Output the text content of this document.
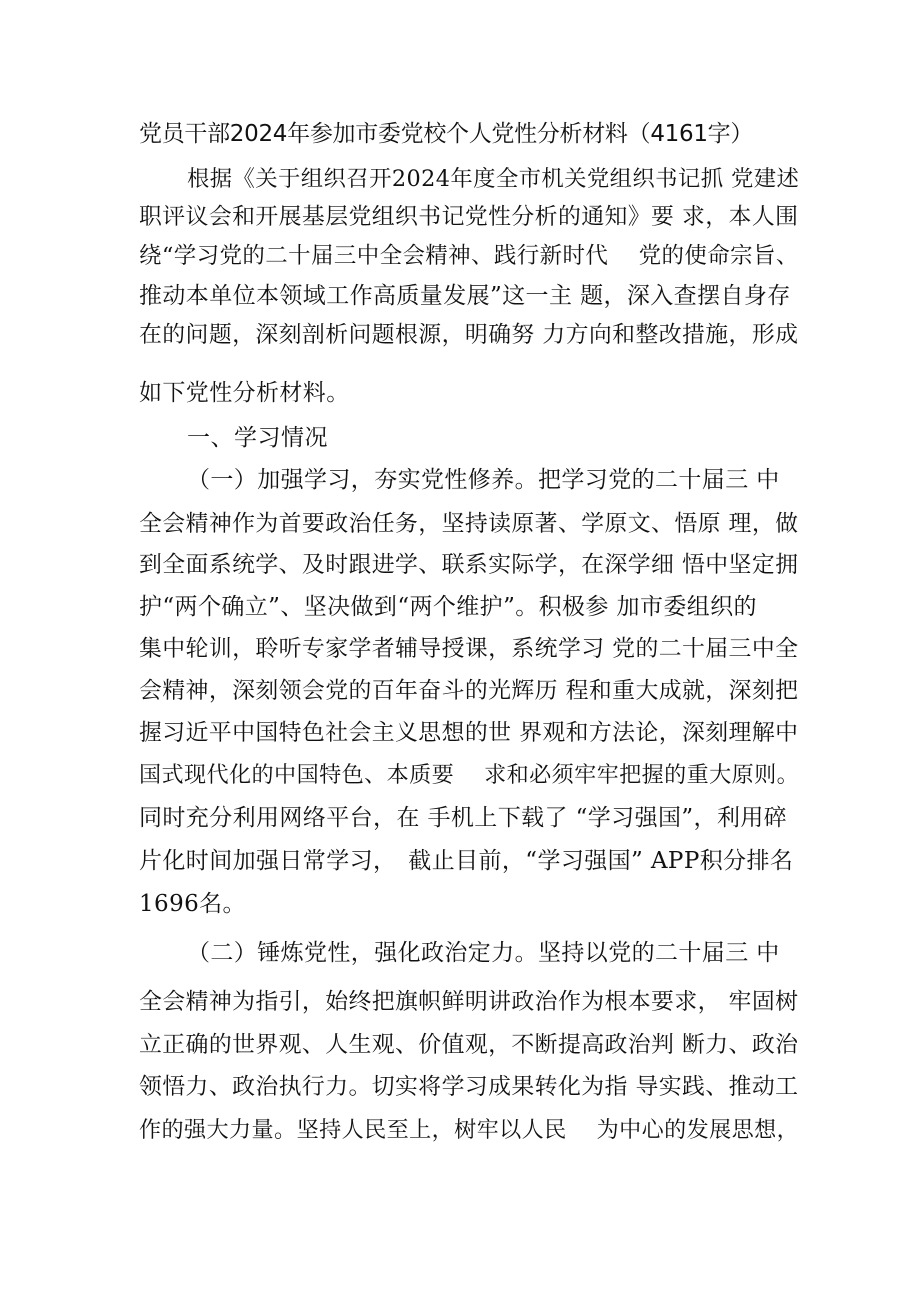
党员干部2024年参加市委党校个人党性分析材料（4161字）
根据《关于组织召开2024年度全市机关党组织书记抓 党建述
职评议会和开展基层党组织书记党性分析的通知》要 求，本人围
绕“学习党的二十届三中全会精神、践行新时代　 党的使命宗旨、
推动本单位本领域工作高质量发展”这一主 题，深入查摆自身存
在的问题，深刻剖析问题根源，明确努 力方向和整改措施，形成
如下党性分析材料。
一、学习情况
（一）加强学习，夯实党性修养。把学习党的二十届三 中
全会精神作为首要政治任务，坚持读原著、学原文、悟原 理，做
到全面系统学、及时跟进学、联系实际学，在深学细 悟中坚定拥
护“两个确立”、坚决做到“两个维护”。积极参 加市委组织的
集中轮训，聆听专家学者辅导授课，系统学习 党的二十届三中全
会精神，深刻领会党的百年奋斗的光辉历 程和重大成就，深刻把
握习近平中国特色社会主义思想的世 界观和方法论，深刻理解中
国式现代化的中国特色、本质要　 求和必须牢牢把握的重大原则。
同时充分利用网络平台，在 手机上下载了 “学习强国”，利用碎
片化时间加强日常学习，　截止目前，“学习强国” APP积分排名
1696名。
（二）锤炼党性，强化政治定力。坚持以党的二十届三 中
全会精神为指引，始终把旗帜鲜明讲政治作为根本要求， 牢固树
立正确的世界观、人生观、价值观，不断提高政治判 断力、政治
领悟力、政治执行力。切实将学习成果转化为指 导实践、推动工
作的强大力量。坚持人民至上，树牢以人民　 为中心的发展思想，
